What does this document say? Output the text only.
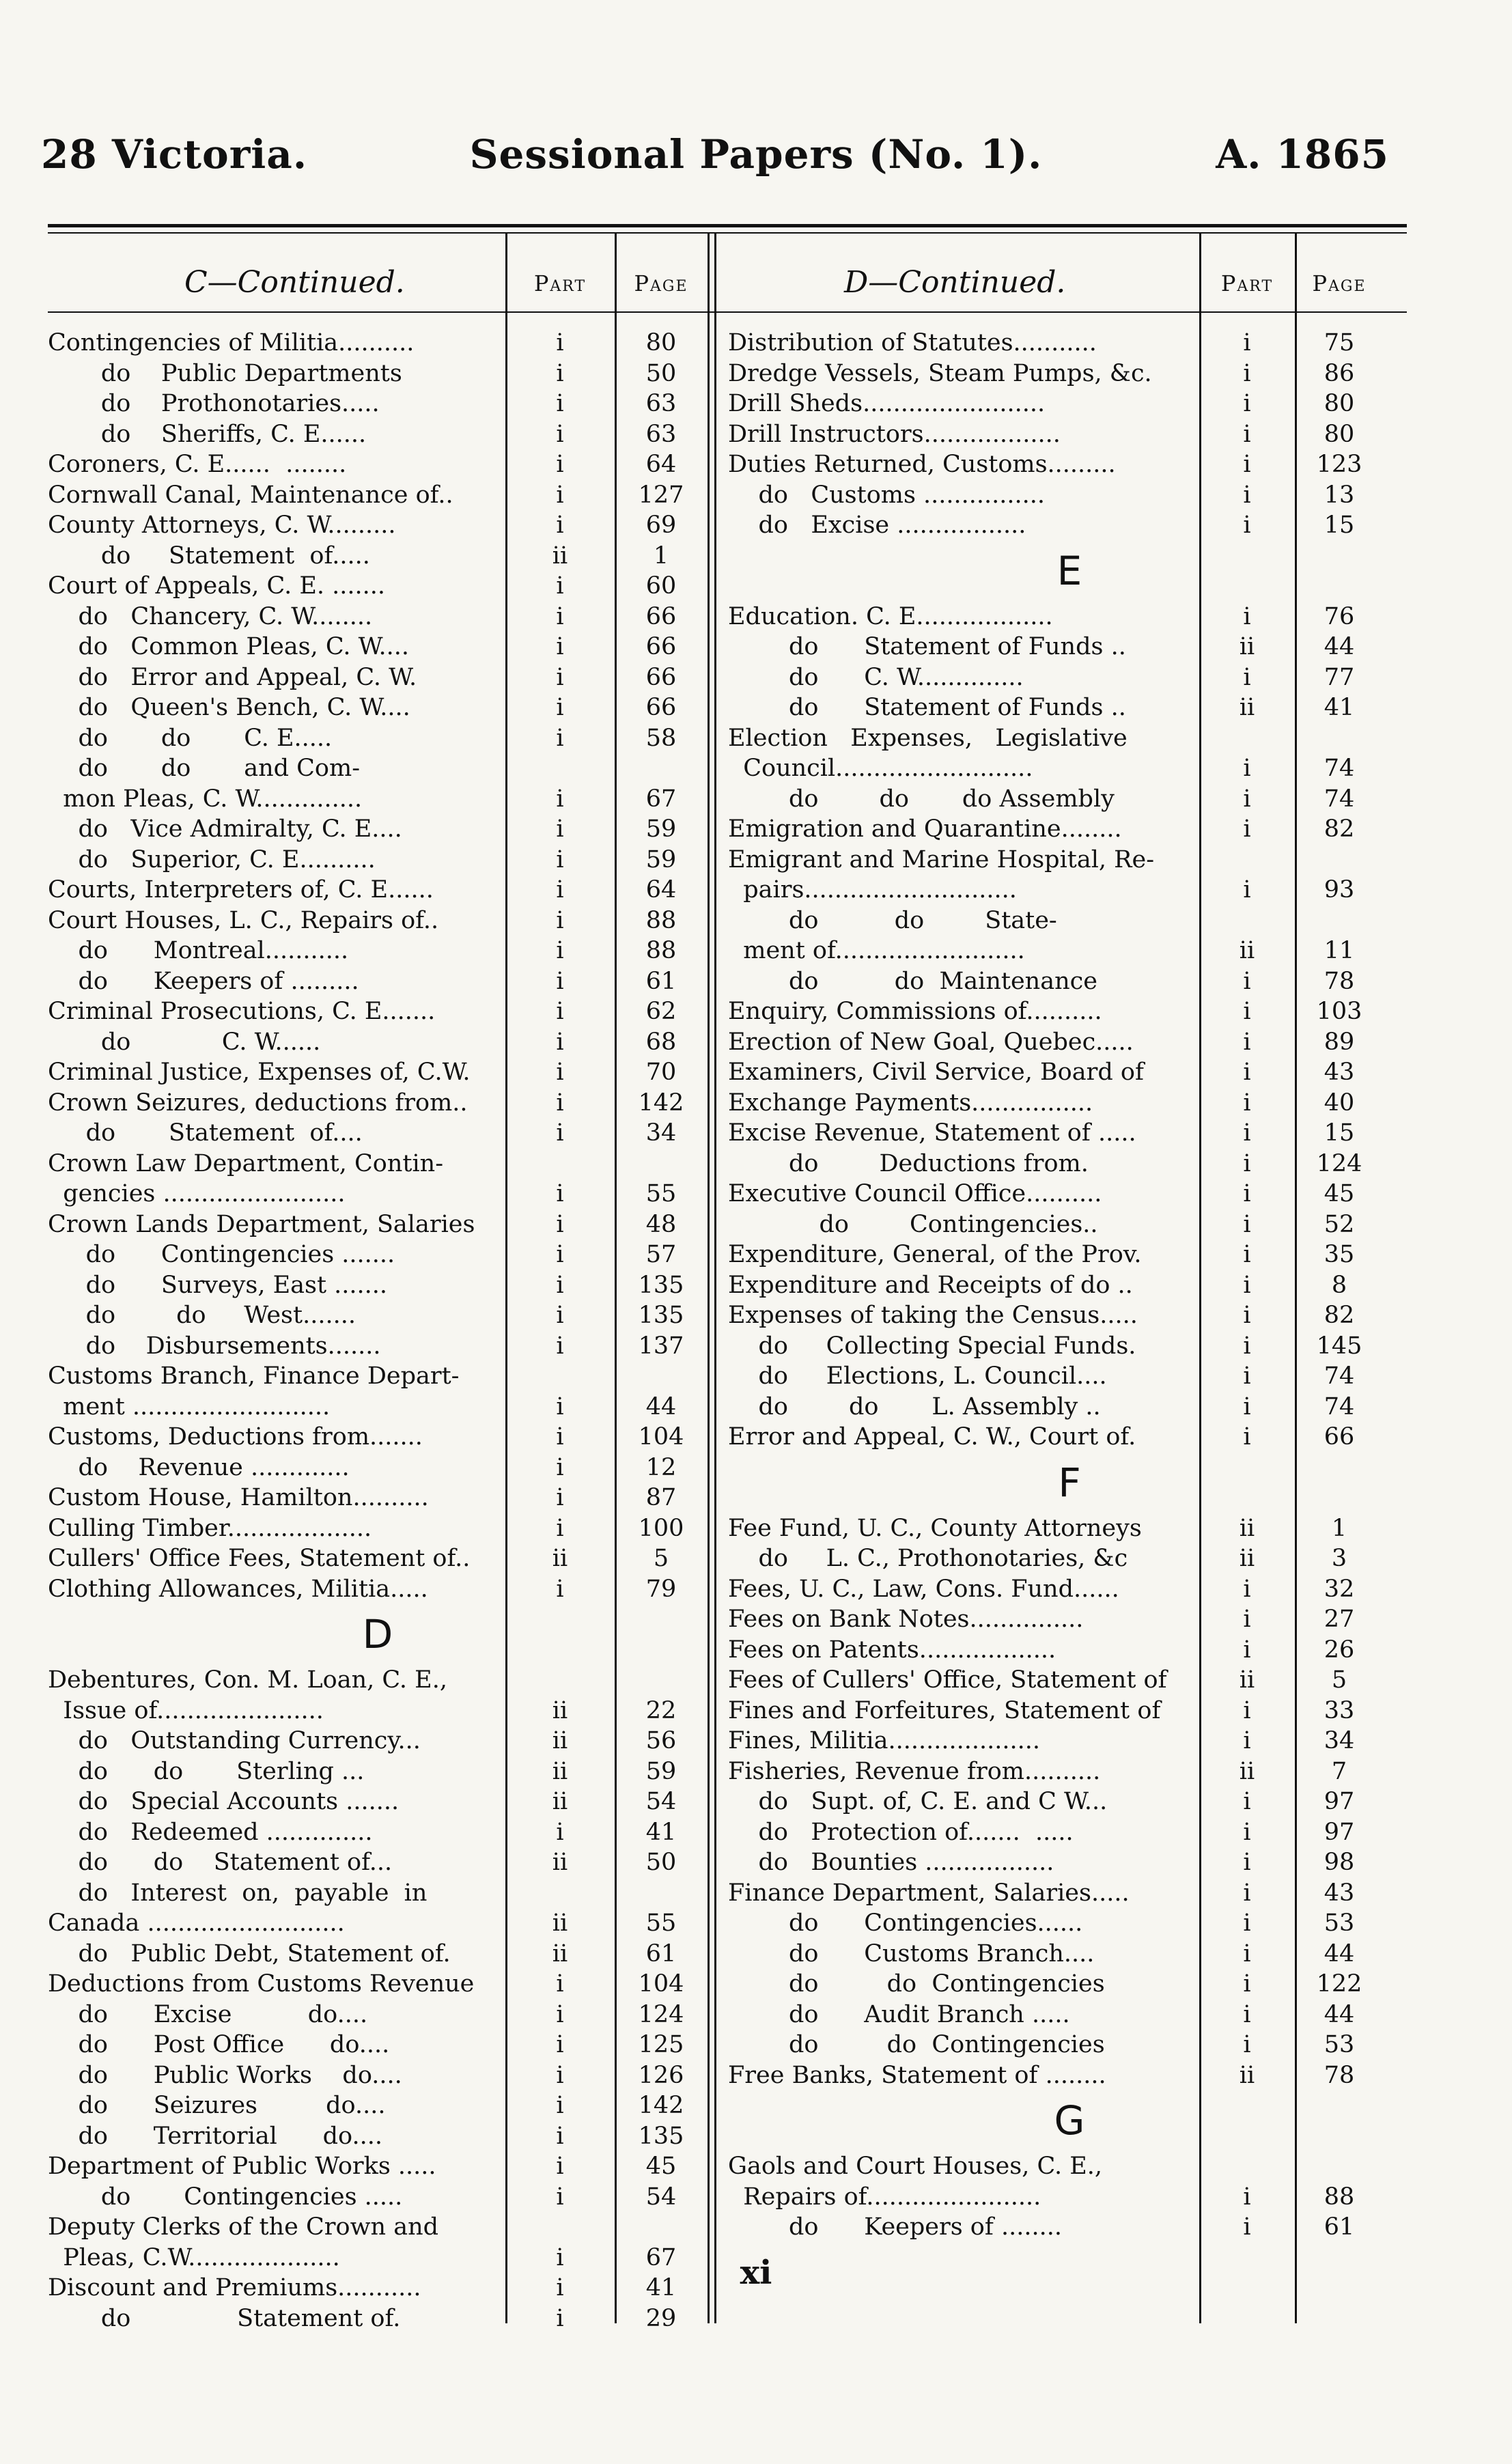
28 Victoria.	Sessional Papers (No. 1).	A. 1865
C—Continued.	Part	Page	D—Continued.	Part	Page
Contingencies of Militia..........	i	80
do    Public Departments	i	50
do    Prothonotaries.....	i	63
do    Sheriffs, C. E......	i	63
Coroners, C. E......  ........	i	64
Cornwall Canal, Maintenance of..	i	127
County Attorneys, C. W.........	i	69
do     Statement  of.....	ii	1
Court of Appeals, C. E. .......	i	60
do   Chancery, C. W........	i	66
do   Common Pleas, C. W....	i	66
do   Error and Appeal, C. W.	i	66
do   Queen's Bench, C. W....	i	66
do       do       C. E.....	i	58
do       do       and Com-
mon Pleas, C. W..............	i	67
do   Vice Admiralty, C. E....	i	59
do   Superior, C. E..........	i	59
Courts, Interpreters of, C. E......	i	64
Court Houses, L. C., Repairs of..	i	88
do      Montreal...........	i	88
do      Keepers of .........	i	61
Criminal Prosecutions, C. E.......	i	62
do            C. W......	i	68
Criminal Justice, Expenses of, C.W.	i	70
Crown Seizures, deductions from..	i	142
do       Statement  of....	i	34
Crown Law Department, Contin-
gencies ........................	i	55
Crown Lands Department, Salaries	i	48
do      Contingencies .......	i	57
do      Surveys, East .......	i	135
do        do     West.......	i	135
do    Disbursements.......	i	137
Customs Branch, Finance Depart-
ment ..........................	i	44
Customs, Deductions from.......	i	104
do    Revenue .............	i	12
Custom House, Hamilton..........	i	87
Culling Timber...................	i	100
Cullers' Office Fees, Statement of..	ii	5
Clothing Allowances, Militia.....	i	79
D
Debentures, Con. M. Loan, C. E.,
Issue of......................	ii	22
do   Outstanding Currency...	ii	56
do      do       Sterling ...	ii	59
do   Special Accounts .......	ii	54
do   Redeemed ..............	i	41
do      do    Statement of...	ii	50
do   Interest  on,  payable  in
Canada ..........................	ii	55
do   Public Debt, Statement of.	ii	61
Deductions from Customs Revenue	i	104
do      Excise          do....	i	124
do      Post Office      do....	i	125
do      Public Works    do....	i	126
do      Seizures         do....	i	142
do      Territorial      do....	i	135
Department of Public Works .....	i	45
do       Contingencies .....	i	54
Deputy Clerks of the Crown and
Pleas, C.W....................	i	67
Discount and Premiums...........	i	41
do              Statement of.	i	29
Distribution of Statutes...........	i	75
Dredge Vessels, Steam Pumps, &c.	i	86
Drill Sheds........................	i	80
Drill Instructors..................	i	80
Duties Returned, Customs.........	i	123
do   Customs ................	i	13
do   Excise .................	i	15
E
Education. C. E..................	i	76
do      Statement of Funds ..	ii	44
do      C. W..............	i	77
do      Statement of Funds ..	ii	41
Election   Expenses,   Legislative
Council..........................	i	74
do        do       do Assembly	i	74
Emigration and Quarantine........	i	82
Emigrant and Marine Hospital, Re-
pairs............................	i	93
do          do        State-
ment of.........................	ii	11
do          do  Maintenance	i	78
Enquiry, Commissions of..........	i	103
Erection of New Goal, Quebec.....	i	89
Examiners, Civil Service, Board of	i	43
Exchange Payments................	i	40
Excise Revenue, Statement of .....	i	15
do        Deductions from.	i	124
Executive Council Office..........	i	45
do        Contingencies..	i	52
Expenditure, General, of the Prov.	i	35
Expenditure and Receipts of do ..	i	8
Expenses of taking the Census.....	i	82
do     Collecting Special Funds.	i	145
do     Elections, L. Council....	i	74
do        do       L. Assembly ..	i	74
Error and Appeal, C. W., Court of.	i	66
F
Fee Fund, U. C., County Attorneys	ii	1
do     L. C., Prothonotaries, &c	ii	3
Fees, U. C., Law, Cons. Fund......	i	32
Fees on Bank Notes...............	i	27
Fees on Patents..................	i	26
Fees of Cullers' Office, Statement of	ii	5
Fines and Forfeitures, Statement of	i	33
Fines, Militia....................	i	34
Fisheries, Revenue from..........	ii	7
do   Supt. of, C. E. and C W...	i	97
do   Protection of.......  .....	i	97
do   Bounties .................	i	98
Finance Department, Salaries.....	i	43
do      Contingencies......	i	53
do      Customs Branch....	i	44
do         do  Contingencies	i	122
do      Audit Branch .....	i	44
do         do  Contingencies	i	53
Free Banks, Statement of ........	ii	78
G
Gaols and Court Houses, C. E.,
Repairs of.......................	i	88
do      Keepers of ........	i	61
xi
